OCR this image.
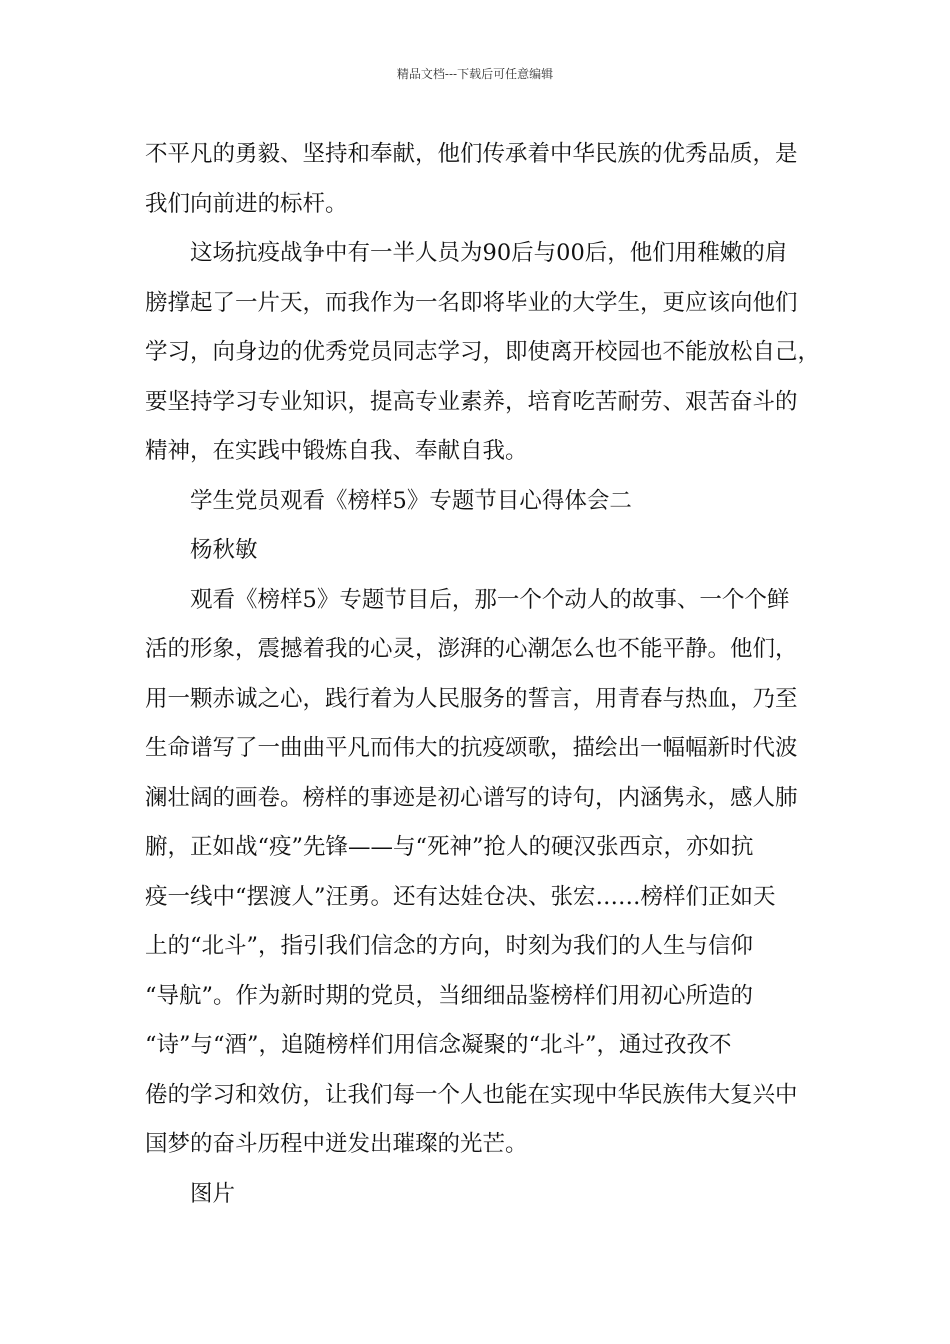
精品文档---下载后可任意编辑

不平凡的勇毅、坚持和奉献，他们传承着中华民族的优秀品质，是
我们向前进的标杆。

这场抗疫战争中有一半人员为90后与00后，他们用稚嫩的肩
膀撑起了一片天，而我作为一名即将毕业的大学生，更应该向他们
学习，向身边的优秀党员同志学习，即使离开校园也不能放松自己，
要坚持学习专业知识，提高专业素养，培育吃苦耐劳、艰苦奋斗的
精神，在实践中锻炼自我、奉献自我。

学生党员观看《榜样5》专题节目心得体会二

杨秋敏

观看《榜样5》专题节目后，那一个个动人的故事、一个个鲜
活的形象，震撼着我的心灵，澎湃的心潮怎么也不能平静。他们，
用一颗赤诚之心，践行着为人民服务的誓言，用青春与热血，乃至
生命谱写了一曲曲平凡而伟大的抗疫颂歌，描绘出一幅幅新时代波
澜壮阔的画卷。榜样的事迹是初心谱写的诗句，内涵隽永，感人肺
腑，正如战“疫”先锋——与“死神”抢人的硬汉张西京，亦如抗
疫一线中“摆渡人”汪勇。还有达娃仓决、张宏……榜样们正如天
上的“北斗”，指引我们信念的方向，时刻为我们的人生与信仰
“导航”。作为新时期的党员，当细细品鉴榜样们用初心所造的
“诗”与“酒”，追随榜样们用信念凝聚的“北斗”，通过孜孜不
倦的学习和效仿，让我们每一个人也能在实现中华民族伟大复兴中
国梦的奋斗历程中迸发出璀璨的光芒。

图片
